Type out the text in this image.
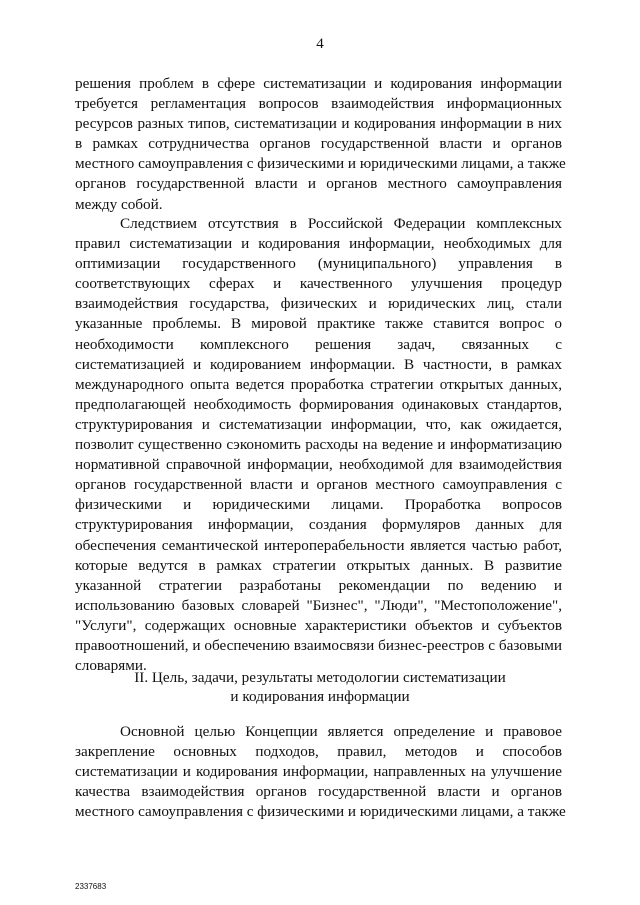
4
решения проблем в сфере систематизации и кодирования информации
требуется регламентация вопросов взаимодействия информационных
ресурсов разных типов, систематизации и кодирования информации в них
в рамках сотрудничества органов государственной власти и органов
местного самоуправления с физическими и юридическими лицами, а также
органов государственной власти и органов местного самоуправления
между собой.
Следствием отсутствия в Российской Федерации комплексных
правил систематизации и кодирования информации, необходимых для
оптимизации государственного (муниципального) управления в
соответствующих сферах и качественного улучшения процедур
взаимодействия государства, физических и юридических лиц, стали
указанные проблемы. В мировой практике также ставится вопрос о
необходимости комплексного решения задач, связанных с
систематизацией и кодированием информации. В частности, в рамках
международного опыта ведется проработка стратегии открытых данных,
предполагающей необходимость формирования одинаковых стандартов,
структурирования и систематизации информации, что, как ожидается,
позволит существенно сэкономить расходы на ведение и информатизацию
нормативной справочной информации, необходимой для взаимодействия
органов государственной власти и органов местного самоуправления с
физическими и юридическими лицами. Проработка вопросов
структурирования информации, создания формуляров данных для
обеспечения семантической интероперабельности является частью работ,
которые ведутся в рамках стратегии открытых данных. В развитие
указанной стратегии разработаны рекомендации по ведению и
использованию базовых словарей "Бизнес", "Люди", "Местоположение",
"Услуги", содержащих основные характеристики объектов и субъектов
правоотношений, и обеспечению взаимосвязи бизнес-реестров с базовыми
словарями.
II. Цель, задачи, результаты методологии систематизации
и кодирования информации
Основной целью Концепции является определение и правовое
закрепление основных подходов, правил, методов и способов
систематизации и кодирования информации, направленных на улучшение
качества взаимодействия органов государственной власти и органов
местного самоуправления с физическими и юридическими лицами, а также
2337683
